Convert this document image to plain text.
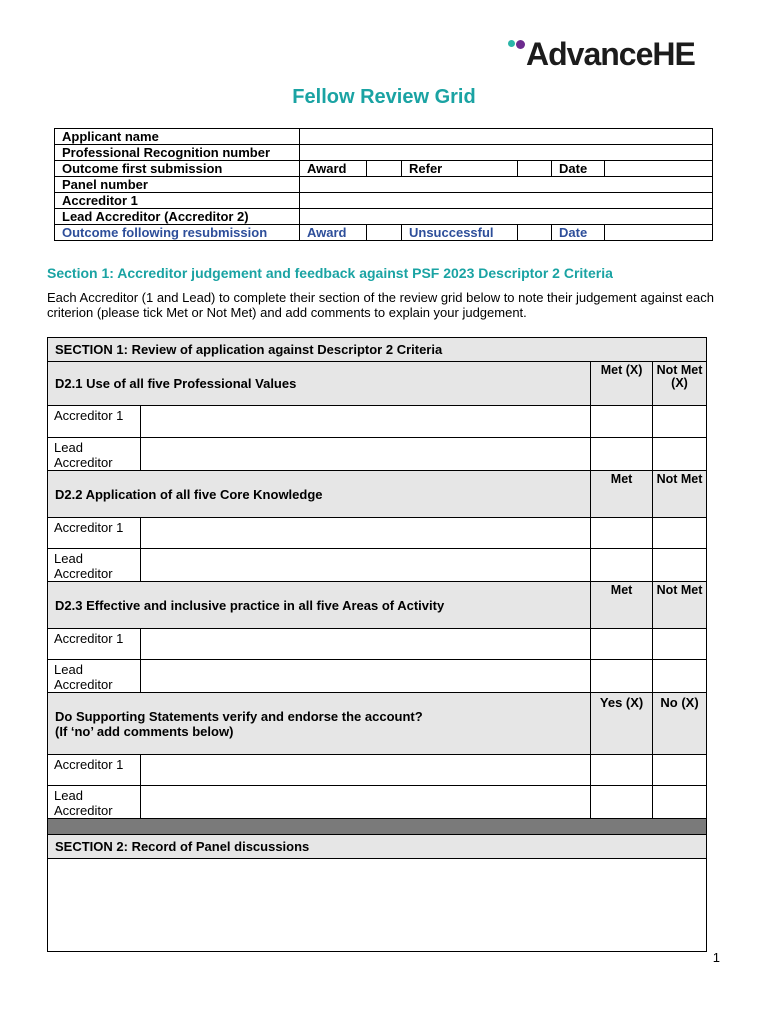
AdvanceHE
Fellow Review Grid
Applicant name						
Professional Recognition number						
Outcome first submission	Award		Refer		Date	
Panel number						
Accreditor 1						
Lead Accreditor (Accreditor 2)						
Outcome following resubmission	Award		Unsuccessful		Date	
Section 1: Accreditor judgement and feedback against PSF 2023 Descriptor 2 Criteria
Each Accreditor (1 and Lead) to complete their section of the review grid below to note their judgement against each criterion (please tick Met or Not Met) and add comments to explain your judgement.
SECTION 1: Review of application against Descriptor 2 Criteria			
D2.1 Use of all five Professional Values		Met (X)	Not Met (X)
Accreditor 1			
Lead Accreditor			
D2.2 Application of all five Core Knowledge		Met	Not Met
Accreditor 1			
Lead Accreditor			
D2.3 Effective and inclusive practice in all five Areas of Activity		Met	Not Met
Accreditor 1			
Lead Accreditor			

Do Supporting Statements verify and endorse the account?
(If ‘no’ add comments below)		Yes (X)	No (X)
Accreditor 1			
Lead Accreditor			

SECTION 2: Record of Panel discussions			

1
